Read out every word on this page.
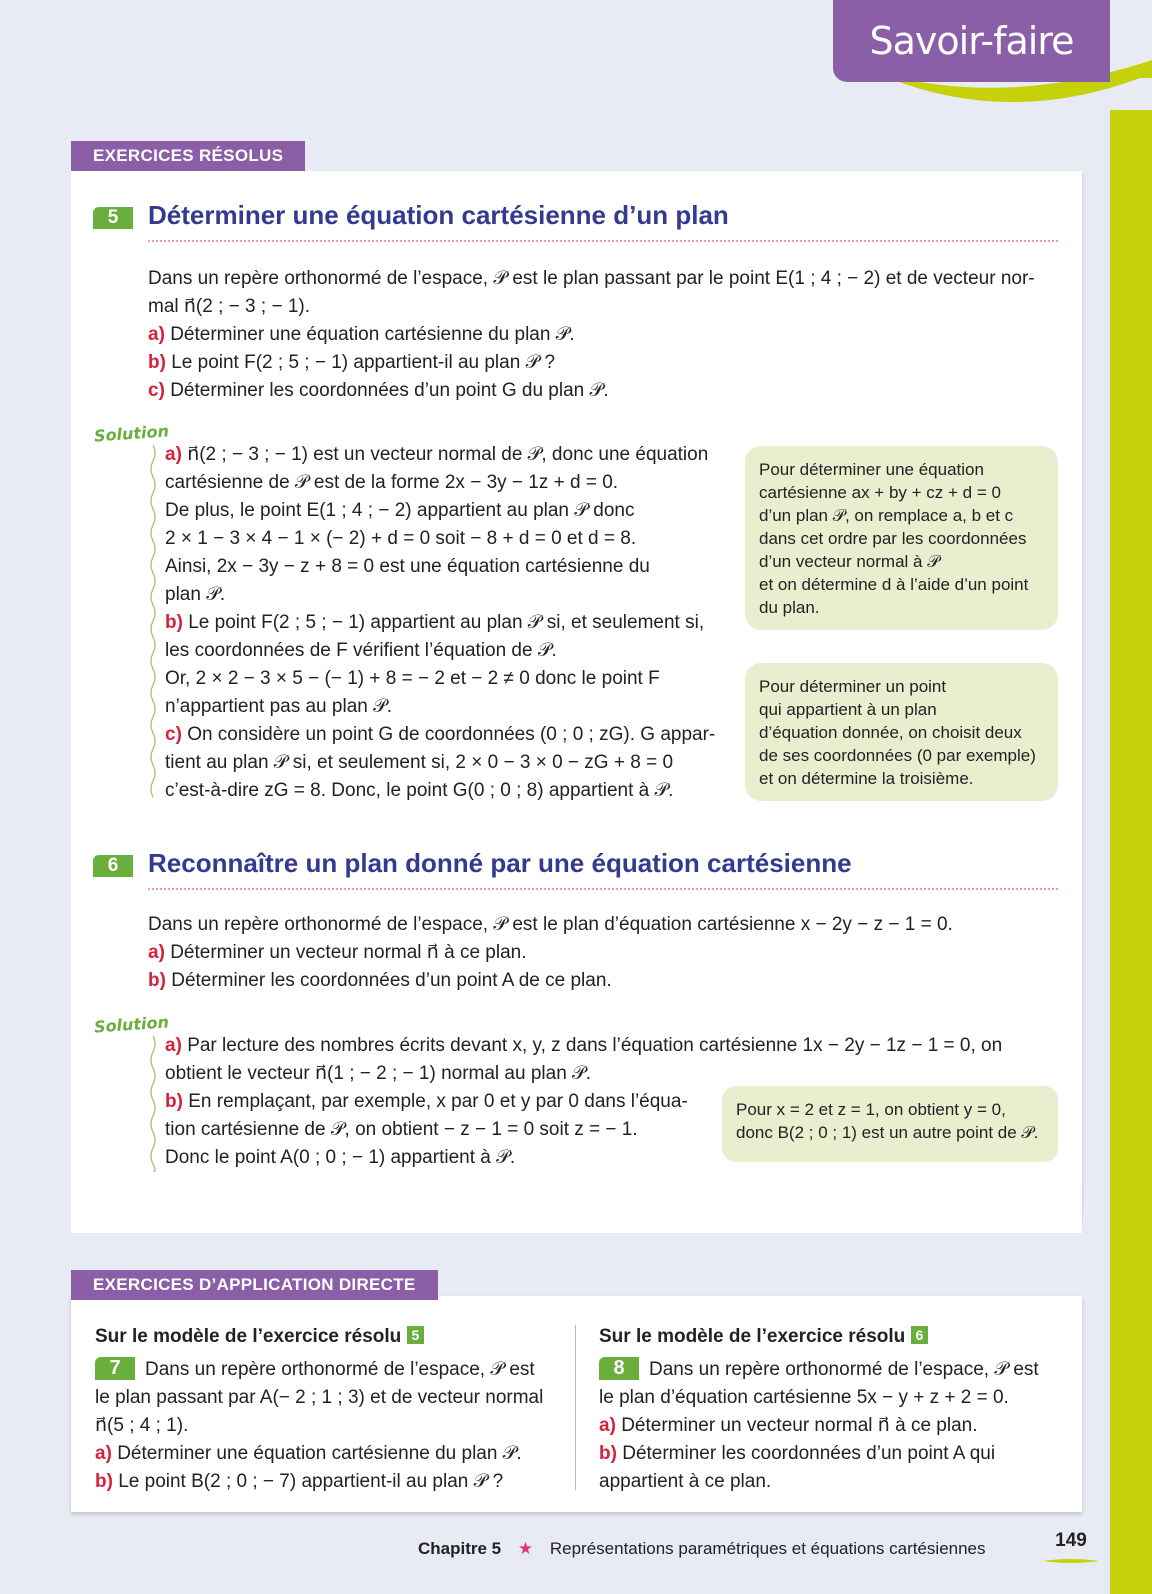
Savoir-faire
EXERCICES RÉSOLUS
5	Déterminer une équation cartésienne d’un plan
Dans un repère orthonormé de l’espace, 𝒫 est le plan passant par le point E(1 ; 4 ; − 2) et de vecteur nor-
mal n⃗(2 ; − 3 ; − 1).
a) Déterminer une équation cartésienne du plan 𝒫.
b) Le point F(2 ; 5 ; − 1) appartient-il au plan 𝒫 ?
c) Déterminer les coordonnées d’un point G du plan 𝒫.
Solution
a) n⃗(2 ; − 3 ; − 1) est un vecteur normal de 𝒫, donc une équation
cartésienne de 𝒫 est de la forme 2x − 3y − 1z + d = 0.
De plus, le point E(1 ; 4 ; − 2) appartient au plan 𝒫 donc
2 × 1 − 3 × 4 − 1 × (− 2) + d = 0 soit − 8 + d = 0 et d = 8.
Ainsi, 2x − 3y − z + 8 = 0 est une équation cartésienne du
plan 𝒫.
b) Le point F(2 ; 5 ; − 1) appartient au plan 𝒫 si, et seulement si,
les coordonnées de F vérifient l’équation de 𝒫.
Or, 2 × 2 − 3 × 5 − (− 1) + 8 = − 2 et − 2 ≠ 0 donc le point F
n’appartient pas au plan 𝒫.
c) On considère un point G de coordonnées (0 ; 0 ; zG). G appar-
tient au plan 𝒫 si, et seulement si, 2 × 0 − 3 × 0 − zG + 8 = 0
c’est-à-dire zG = 8. Donc, le point G(0 ; 0 ; 8) appartient à 𝒫.
Pour déterminer une équation
cartésienne ax + by + cz + d = 0
d’un plan 𝒫, on remplace a, b et c
dans cet ordre par les coordonnées
d’un vecteur normal à 𝒫
et on détermine d à l’aide d’un point
du plan.
Pour déterminer un point
qui appartient à un plan
d’équation donnée, on choisit deux
de ses coordonnées (0 par exemple)
et on détermine la troisième.
6	Reconnaître un plan donné par une équation cartésienne
Dans un repère orthonormé de l’espace, 𝒫 est le plan d’équation cartésienne x − 2y − z − 1 = 0.
a) Déterminer un vecteur normal n⃗ à ce plan.
b) Déterminer les coordonnées d’un point A de ce plan.
Solution
a) Par lecture des nombres écrits devant x, y, z dans l’équation cartésienne 1x − 2y − 1z − 1 = 0, on
obtient le vecteur n⃗(1 ; − 2 ; − 1) normal au plan 𝒫.
b) En remplaçant, par exemple, x par 0 et y par 0 dans l’équa-
tion cartésienne de 𝒫, on obtient − z − 1 = 0 soit z = − 1.
Donc le point A(0 ; 0 ; − 1) appartient à 𝒫.
Pour x = 2 et z = 1, on obtient y = 0,
donc B(2 ; 0 ; 1) est un autre point de 𝒫.
EXERCICES D’APPLICATION DIRECTE
Sur le modèle de l’exercice résolu 5
7 Dans un repère orthonormé de l’espace, 𝒫 est
le plan passant par A(− 2 ; 1 ; 3) et de vecteur normal
n⃗(5 ; 4 ; 1).
a) Déterminer une équation cartésienne du plan 𝒫.
b) Le point B(2 ; 0 ; − 7) appartient-il au plan 𝒫 ?
Sur le modèle de l’exercice résolu 6
8 Dans un repère orthonormé de l’espace, 𝒫 est
le plan d’équation cartésienne 5x − y + z + 2 = 0.
a) Déterminer un vecteur normal n⃗ à ce plan.
b) Déterminer les coordonnées d’un point A qui
appartient à ce plan.
Chapitre 5 ★ Représentations paramétriques et équations cartésiennes	149
